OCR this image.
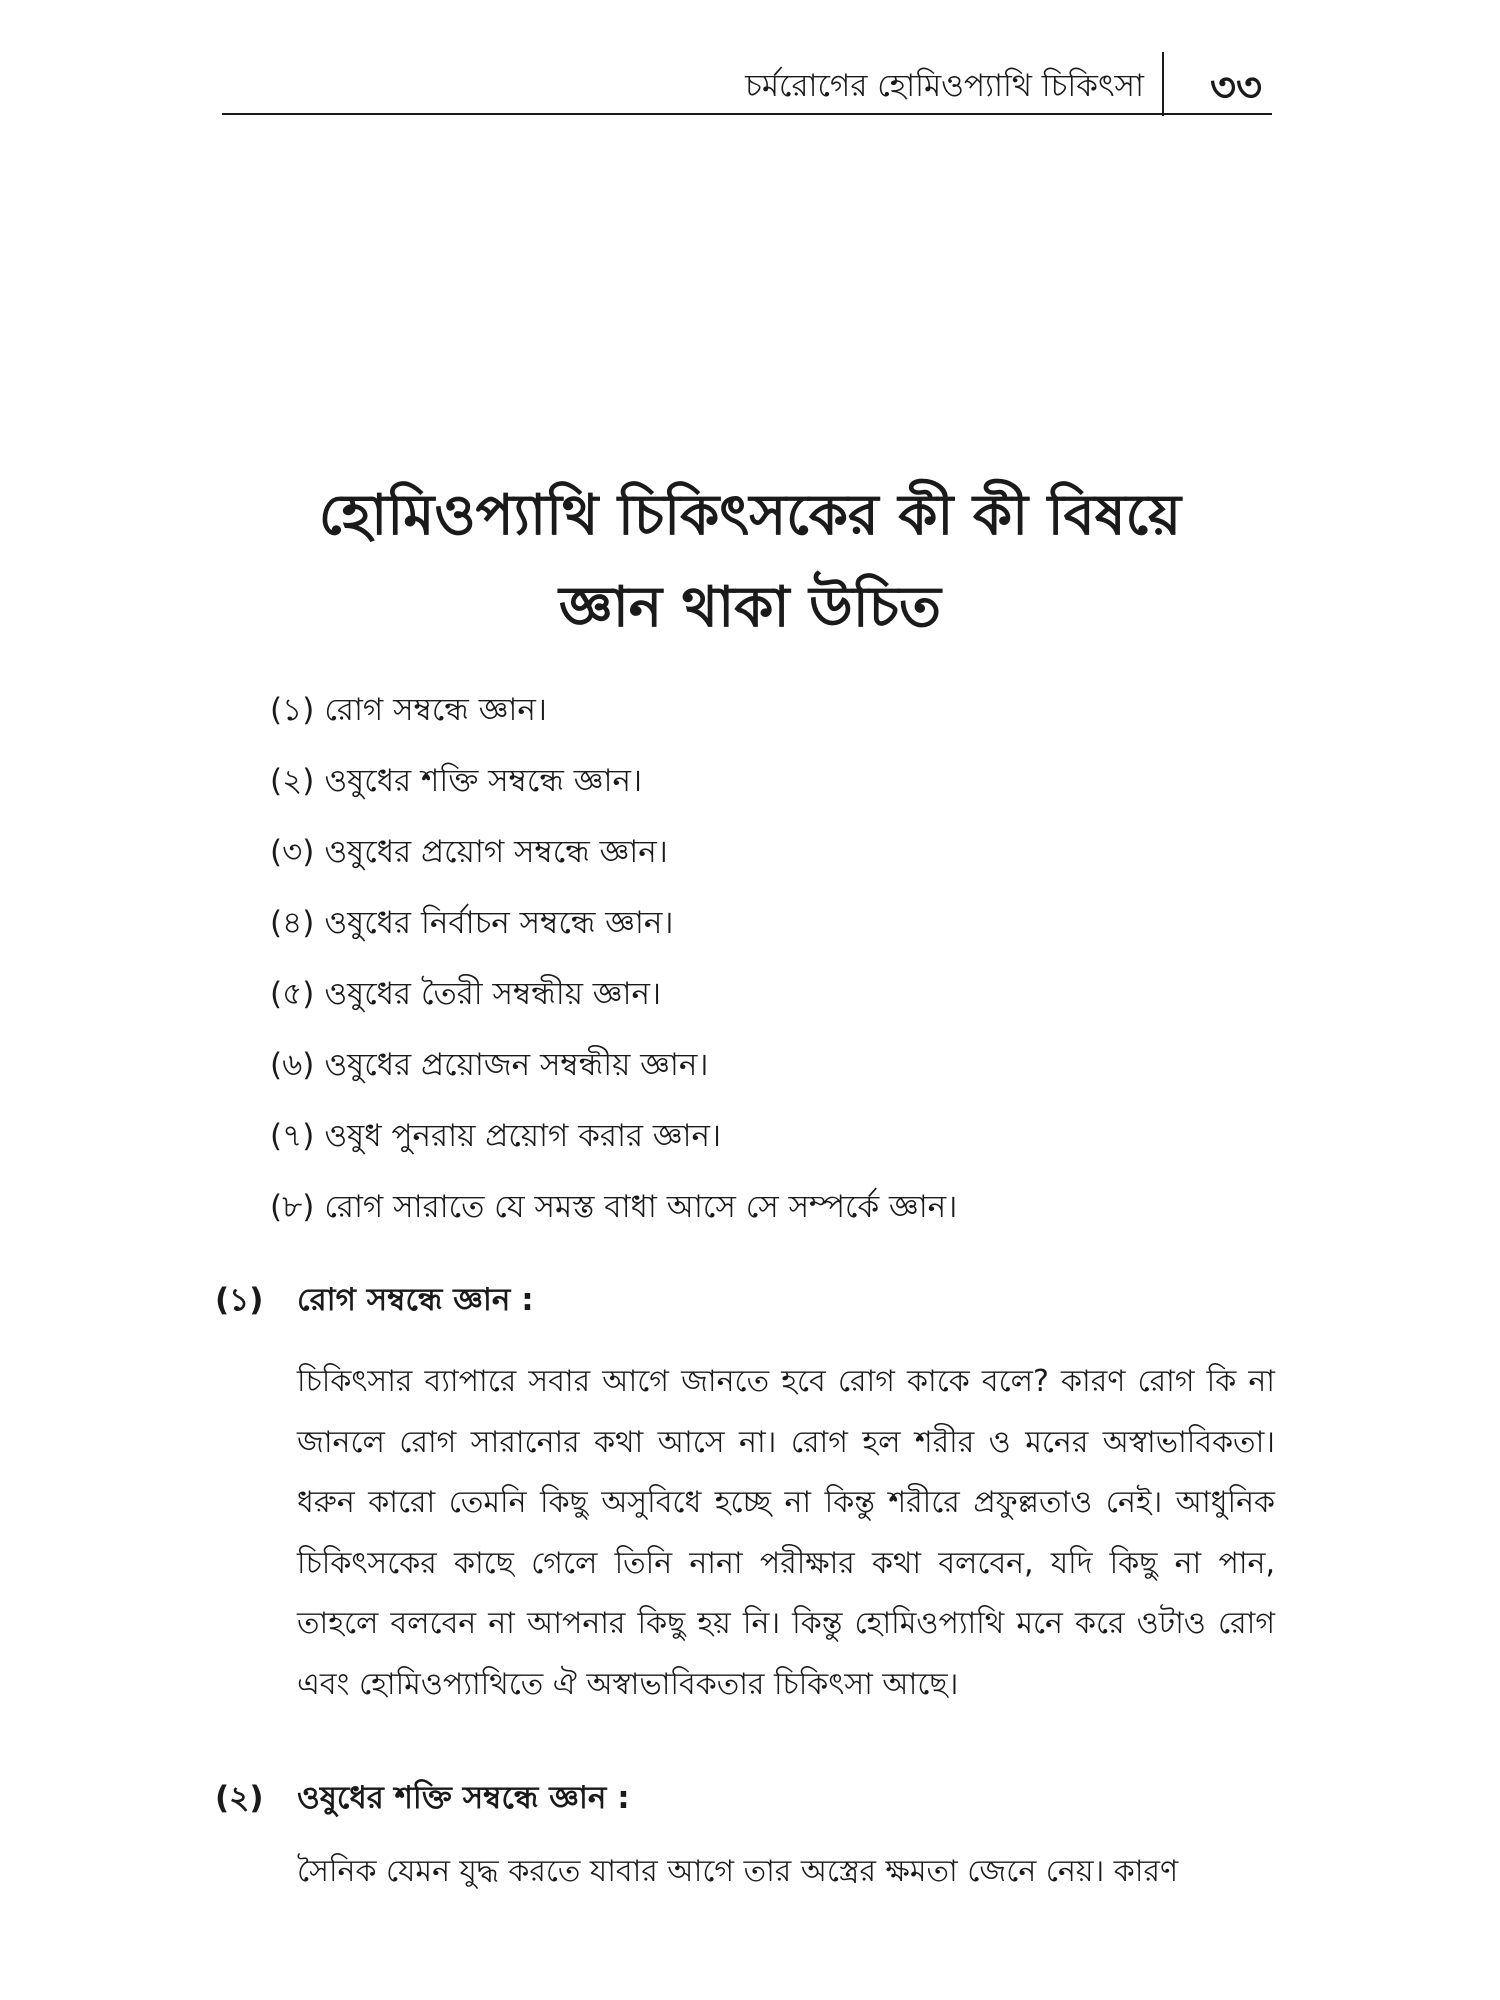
চর্মরোগের হোমিওপ্যাথি চিকিৎসা ৩৩
হোমিওপ্যাথি চিকিৎসকের কী কী বিষয়ে
জ্ঞান থাকা উচিত
(১) রোগ সম্বন্ধে জ্ঞান।
(২) ওষুধের শক্তি সম্বন্ধে জ্ঞান।
(৩) ওষুধের প্রয়োগ সম্বন্ধে জ্ঞান।
(৪) ওষুধের নির্বাচন সম্বন্ধে জ্ঞান।
(৫) ওষুধের তৈরী সম্বন্ধীয় জ্ঞান।
(৬) ওষুধের প্রয়োজন সম্বন্ধীয় জ্ঞান।
(৭) ওষুধ পুনরায় প্রয়োগ করার জ্ঞান।
(৮) রোগ সারাতে যে সমস্ত বাধা আসে সে সম্পর্কে জ্ঞান।
(১) রোগ সম্বন্ধে জ্ঞান :

চিকিৎসার ব্যাপারে সবার আগে জানতে হবে রোগ কাকে বলে? কারণ রোগ কি না জানলে রোগ সারানোর কথা আসে না। রোগ হল শরীর ও মনের অস্বাভাবিকতা। ধরুন কারো তেমনি কিছু অসুবিধে হচ্ছে না কিন্তু শরীরে প্রফুল্লতাও নেই। আধুনিক চিকিৎসকের কাছে গেলে তিনি নানা পরীক্ষার কথা বলবেন, যদি কিছু না পান, তাহলে বলবেন না আপনার কিছু হয় নি। কিন্তু হোমিওপ্যাথি মনে করে ওটাও রোগ এবং হোমিওপ্যাথিতে ঐ অস্বাভাবিকতার চিকিৎসা আছে।

(২) ওষুধের শক্তি সম্বন্ধে জ্ঞান :

সৈনিক যেমন যুদ্ধ করতে যাবার আগে তার অস্ত্রের ক্ষমতা জেনে নেয়। কারণ
